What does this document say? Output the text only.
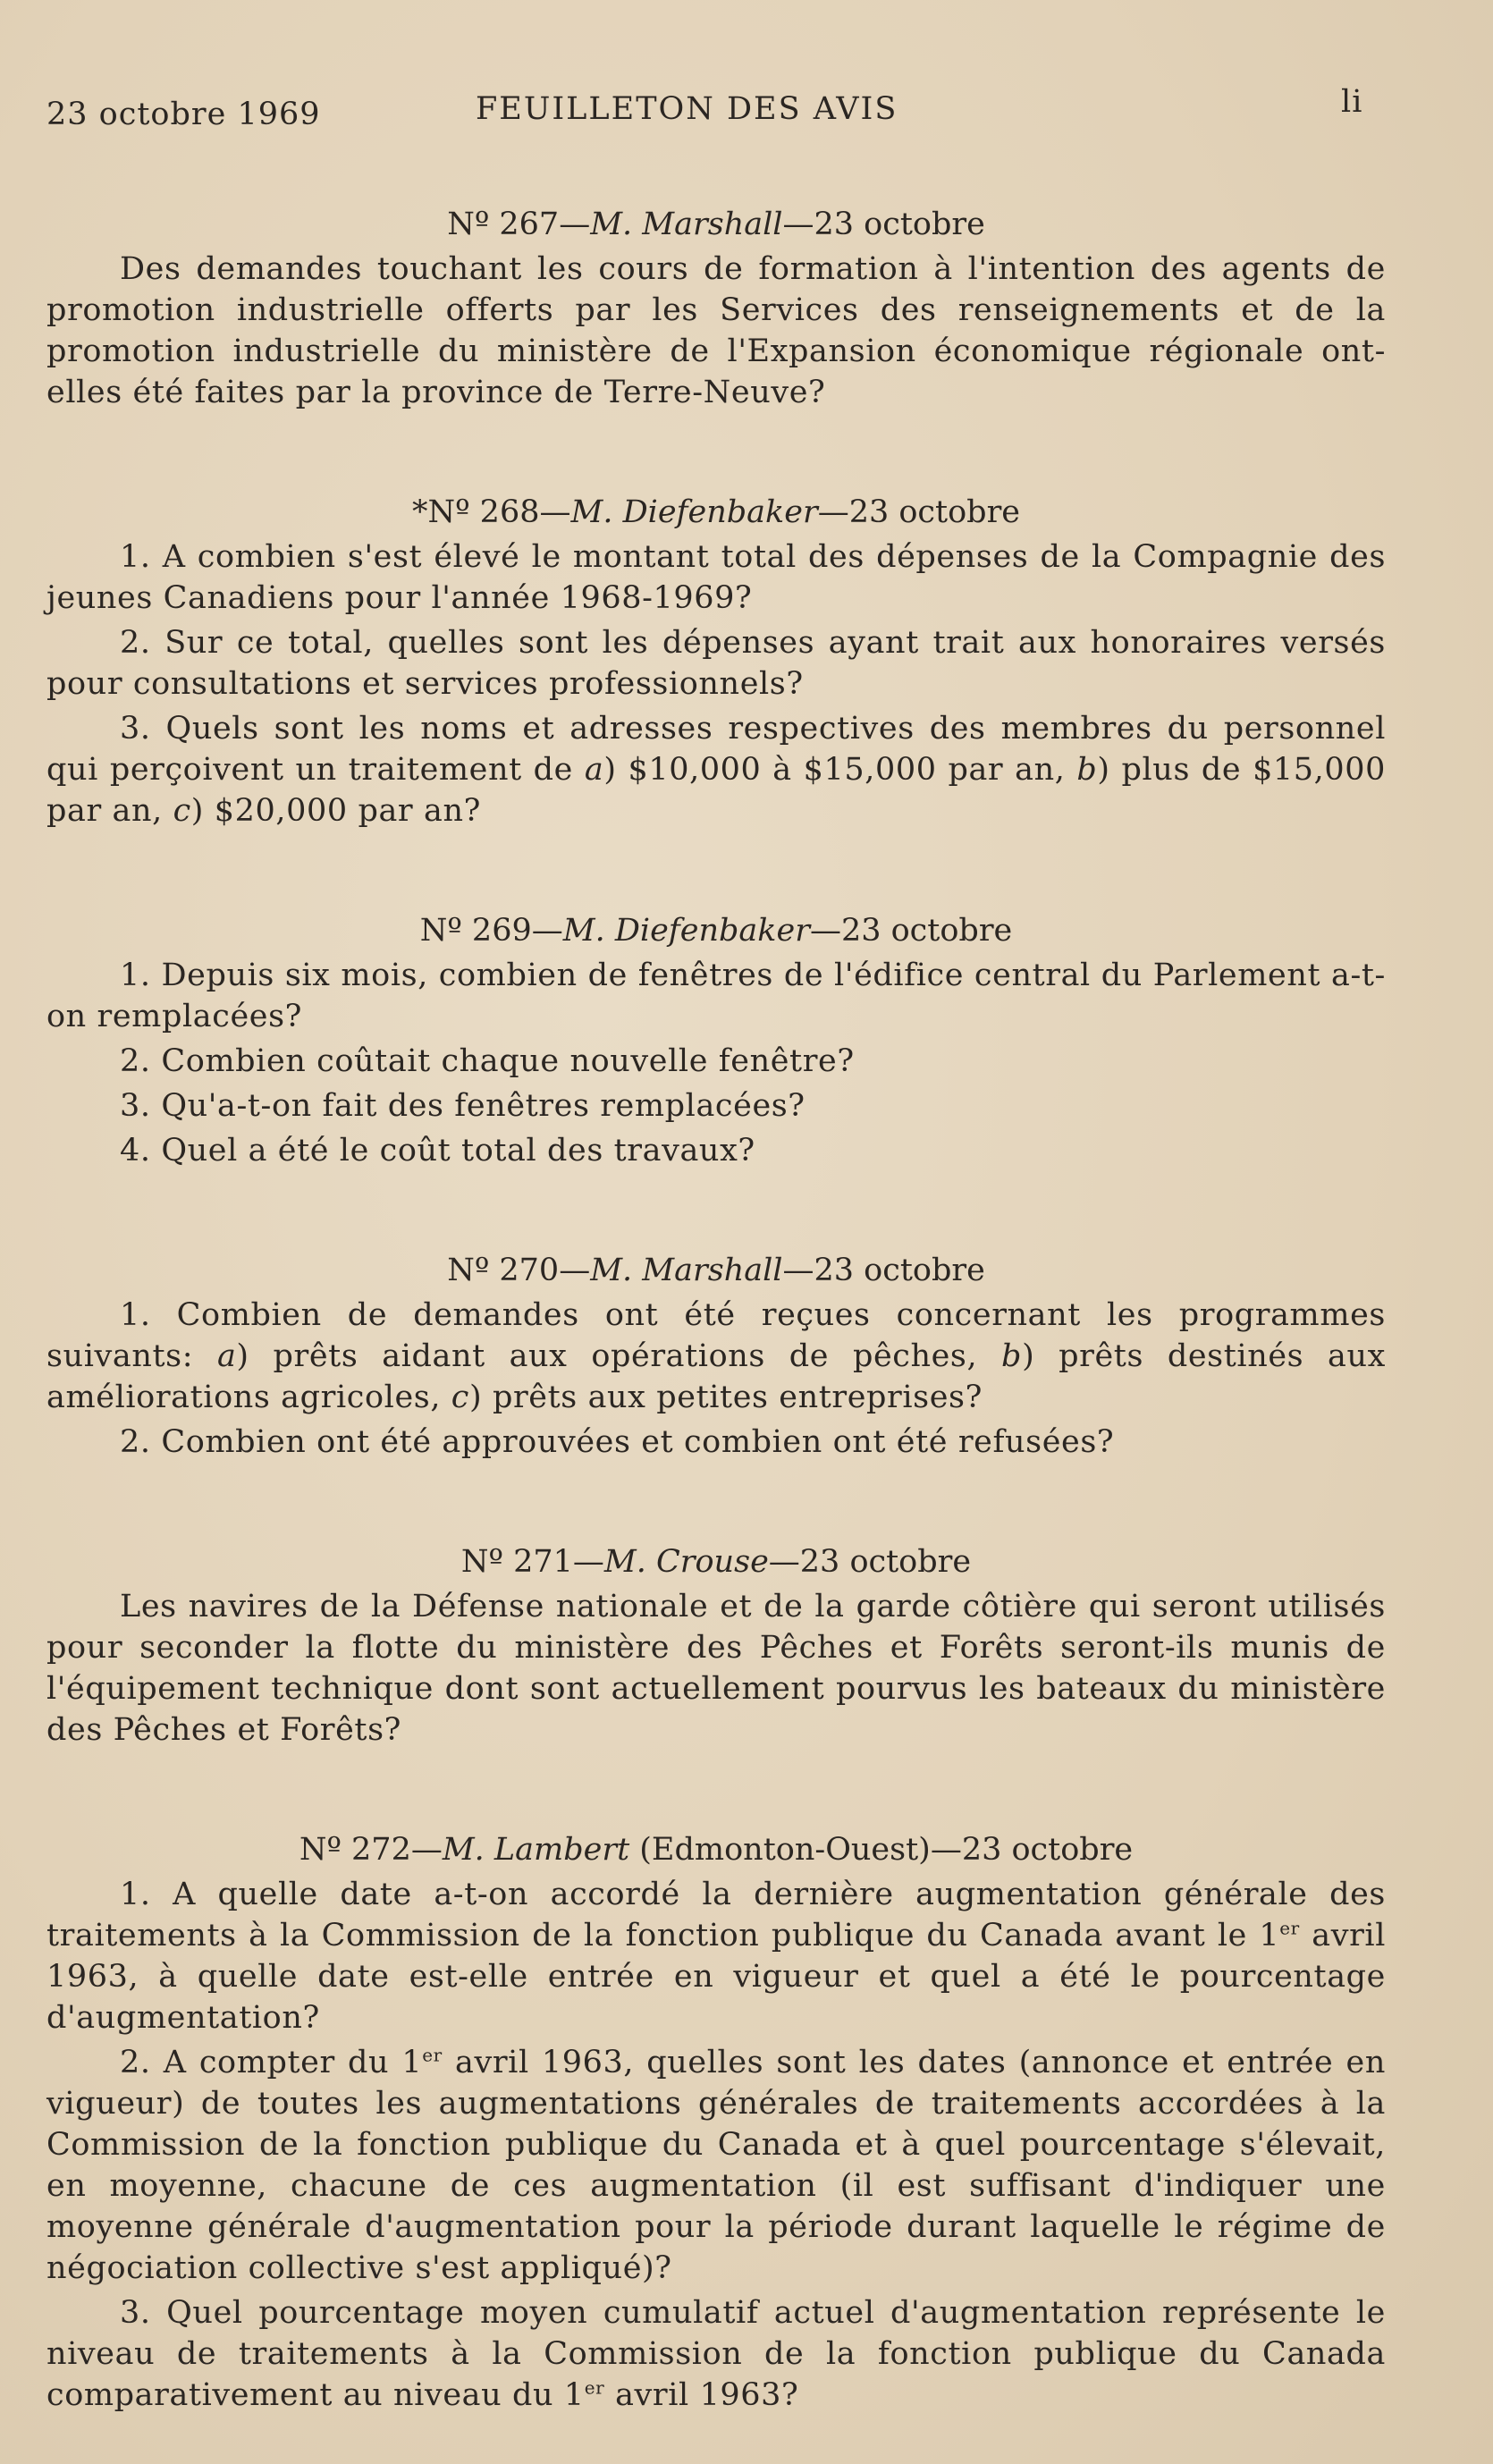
23 octobre 1969	FEUILLETON DES AVIS	li
Nº 267—M. Marshall—23 octobre

Des demandes touchant les cours de formation à l'intention des agents de promotion industrielle offerts par les Services des renseignements et de la promotion industrielle du ministère de l'Expansion économique régionale ont-elles été faites par la province de Terre-Neuve?

*Nº 268—M. Diefenbaker—23 octobre

1. A combien s'est élevé le montant total des dépenses de la Compagnie des jeunes Canadiens pour l'année 1968-1969?

2. Sur ce total, quelles sont les dépenses ayant trait aux honoraires versés pour consultations et services professionnels?

3. Quels sont les noms et adresses respectives des membres du personnel qui perçoivent un traitement de a) $10,000 à $15,000 par an, b) plus de $15,000 par an, c) $20,000 par an?

Nº 269—M. Diefenbaker—23 octobre

1. Depuis six mois, combien de fenêtres de l'édifice central du Parlement a-t-on remplacées?

2. Combien coûtait chaque nouvelle fenêtre?

3. Qu'a-t-on fait des fenêtres remplacées?

4. Quel a été le coût total des travaux?

Nº 270—M. Marshall—23 octobre

1. Combien de demandes ont été reçues concernant les programmes suivants: a) prêts aidant aux opérations de pêches, b) prêts destinés aux améliorations agricoles, c) prêts aux petites entreprises?

2. Combien ont été approuvées et combien ont été refusées?

Nº 271—M. Crouse—23 octobre

Les navires de la Défense nationale et de la garde côtière qui seront utilisés pour seconder la flotte du ministère des Pêches et Forêts seront-ils munis de l'équipement technique dont sont actuellement pourvus les bateaux du ministère des Pêches et Forêts?

Nº 272—M. Lambert (Edmonton-Ouest)—23 octobre

1. A quelle date a-t-on accordé la dernière augmentation générale des traitements à la Commission de la fonction publique du Canada avant le 1er avril 1963, à quelle date est-elle entrée en vigueur et quel a été le pourcentage d'augmentation?

2. A compter du 1er avril 1963, quelles sont les dates (annonce et entrée en vigueur) de toutes les augmentations générales de traitements accordées à la Commission de la fonction publique du Canada et à quel pourcentage s'élevait, en moyenne, chacune de ces augmentation (il est suffisant d'indiquer une moyenne générale d'augmentation pour la période durant laquelle le régime de négociation collective s'est appliqué)?

3. Quel pourcentage moyen cumulatif actuel d'augmentation représente le niveau de traitements à la Commission de la fonction publique du Canada comparativement au niveau du 1er avril 1963?
